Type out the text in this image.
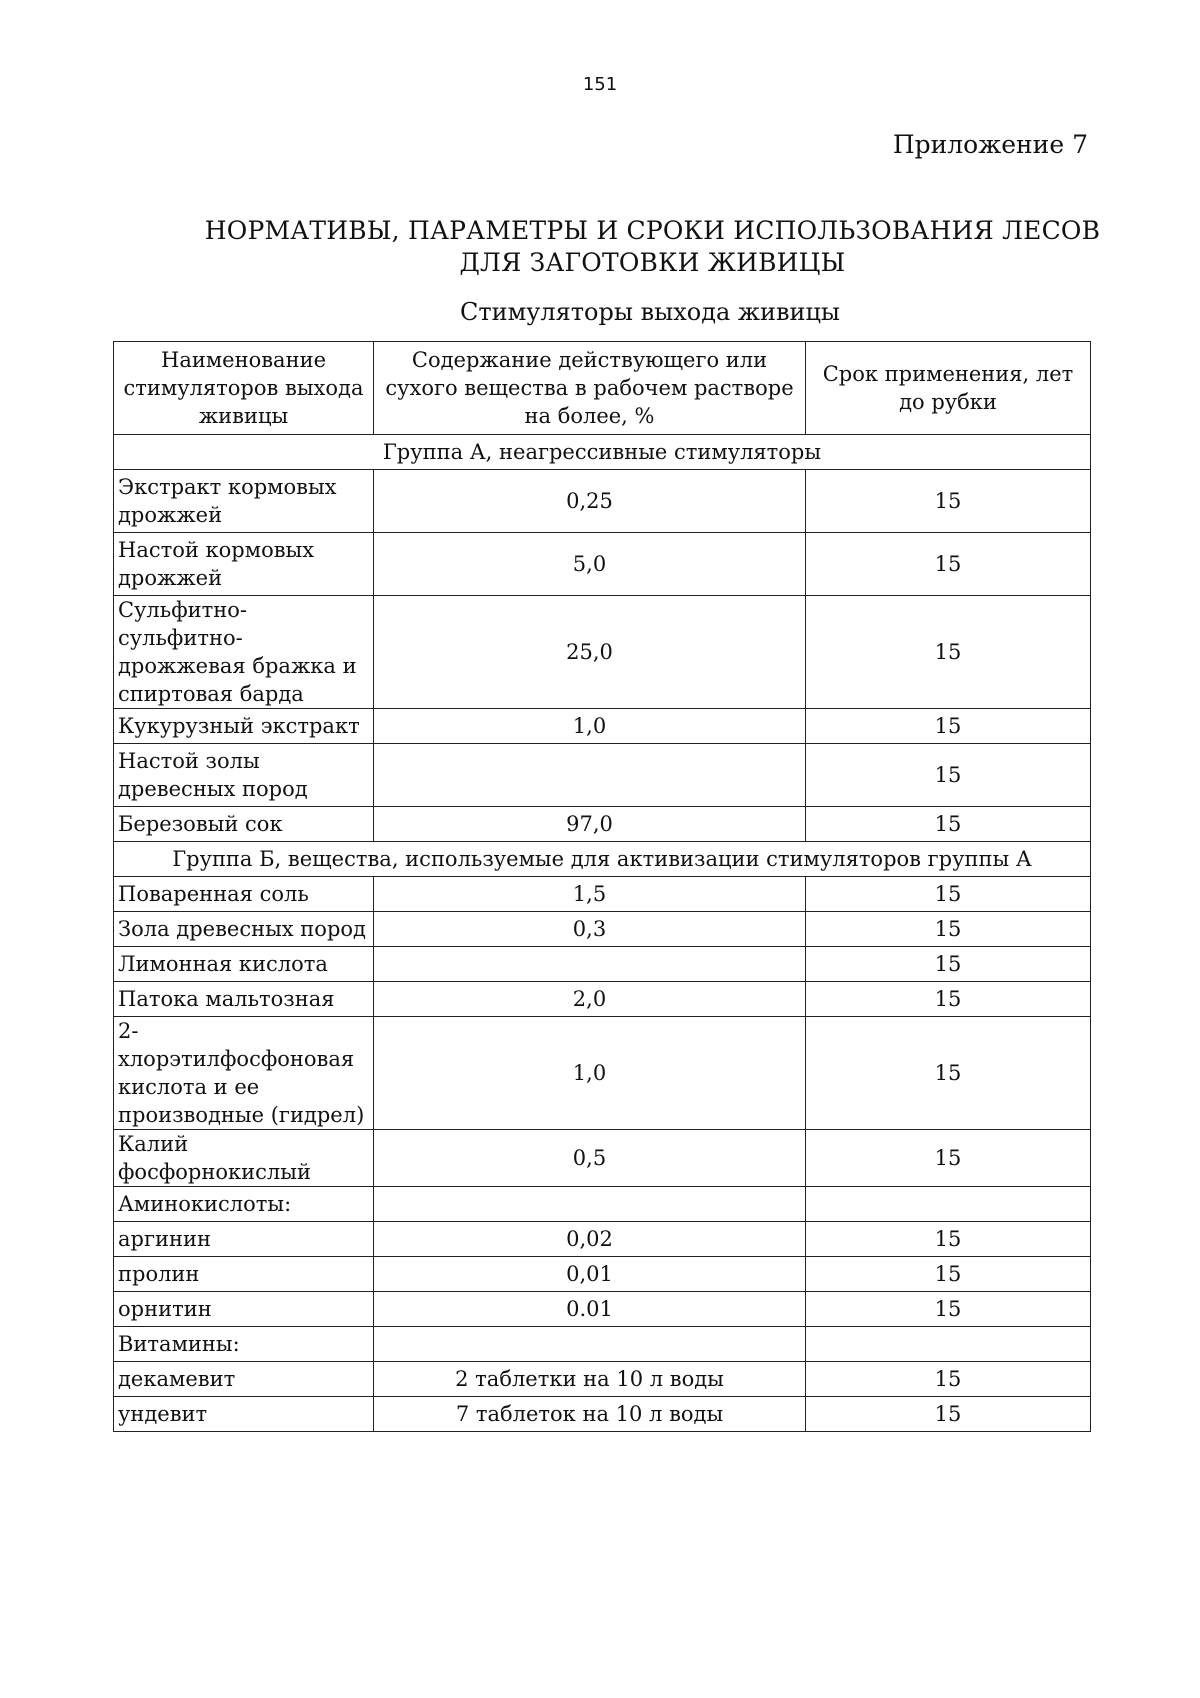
151
Приложение 7
НОРМАТИВЫ, ПАРАМЕТРЫ И СРОКИ ИСПОЛЬЗОВАНИЯ ЛЕСОВ
ДЛЯ ЗАГОТОВКИ ЖИВИЦЫ
Стимуляторы выхода живицы
Наименование стимуляторов выхода живицы	Содержание действующего или сухого вещества в рабочем растворе на более, %	Срок применения, лет до рубки
Группа А, неагрессивные стимуляторы		
Экстракт кормовых дрожжей	0,25	15
Настой кормовых дрожжей	5,0	15
Сульфитно-сульфитно-дрожжевая бражка и спиртовая барда	25,0	15
Кукурузный экстракт	1,0	15
Настой золы древесных пород		15
Березовый сок	97,0	15
Группа Б, вещества, используемые для активизации стимуляторов группы А		
Поваренная соль	1,5	15
Зола древесных пород	0,3	15
Лимонная кислота		15
Патока мальтозная	2,0	15
2-хлорэтилфосфоновая кислота и ее производные (гидрел)	1,0	15
Калий фосфорнокислый	0,5	15
Аминокислоты:		
аргинин	0,02	15
пролин	0,01	15
орнитин	0.01	15
Витамины:		
декамевит	2 таблетки на 10 л воды	15
ундевит	7 таблеток на 10 л воды	15
